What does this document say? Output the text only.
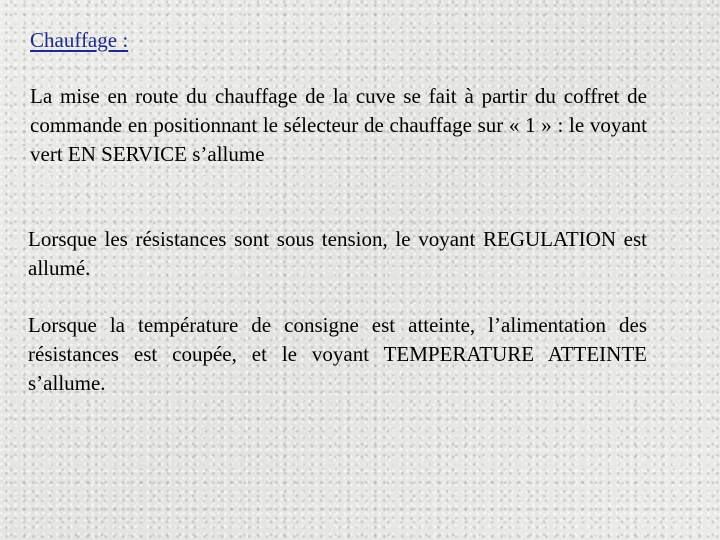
Chauffage :

La mise en route du chauffage de la cuve se fait à partir du coffret de commande en positionnant le sélecteur de chauffage sur « 1 » : le voyant vert EN SERVICE s’allume

Lorsque les résistances sont sous tension, le voyant REGULATION est allumé.

Lorsque la température de consigne est atteinte, l’alimentation des résistances est coupée, et le voyant TEMPERATURE ATTEINTE s’allume.
